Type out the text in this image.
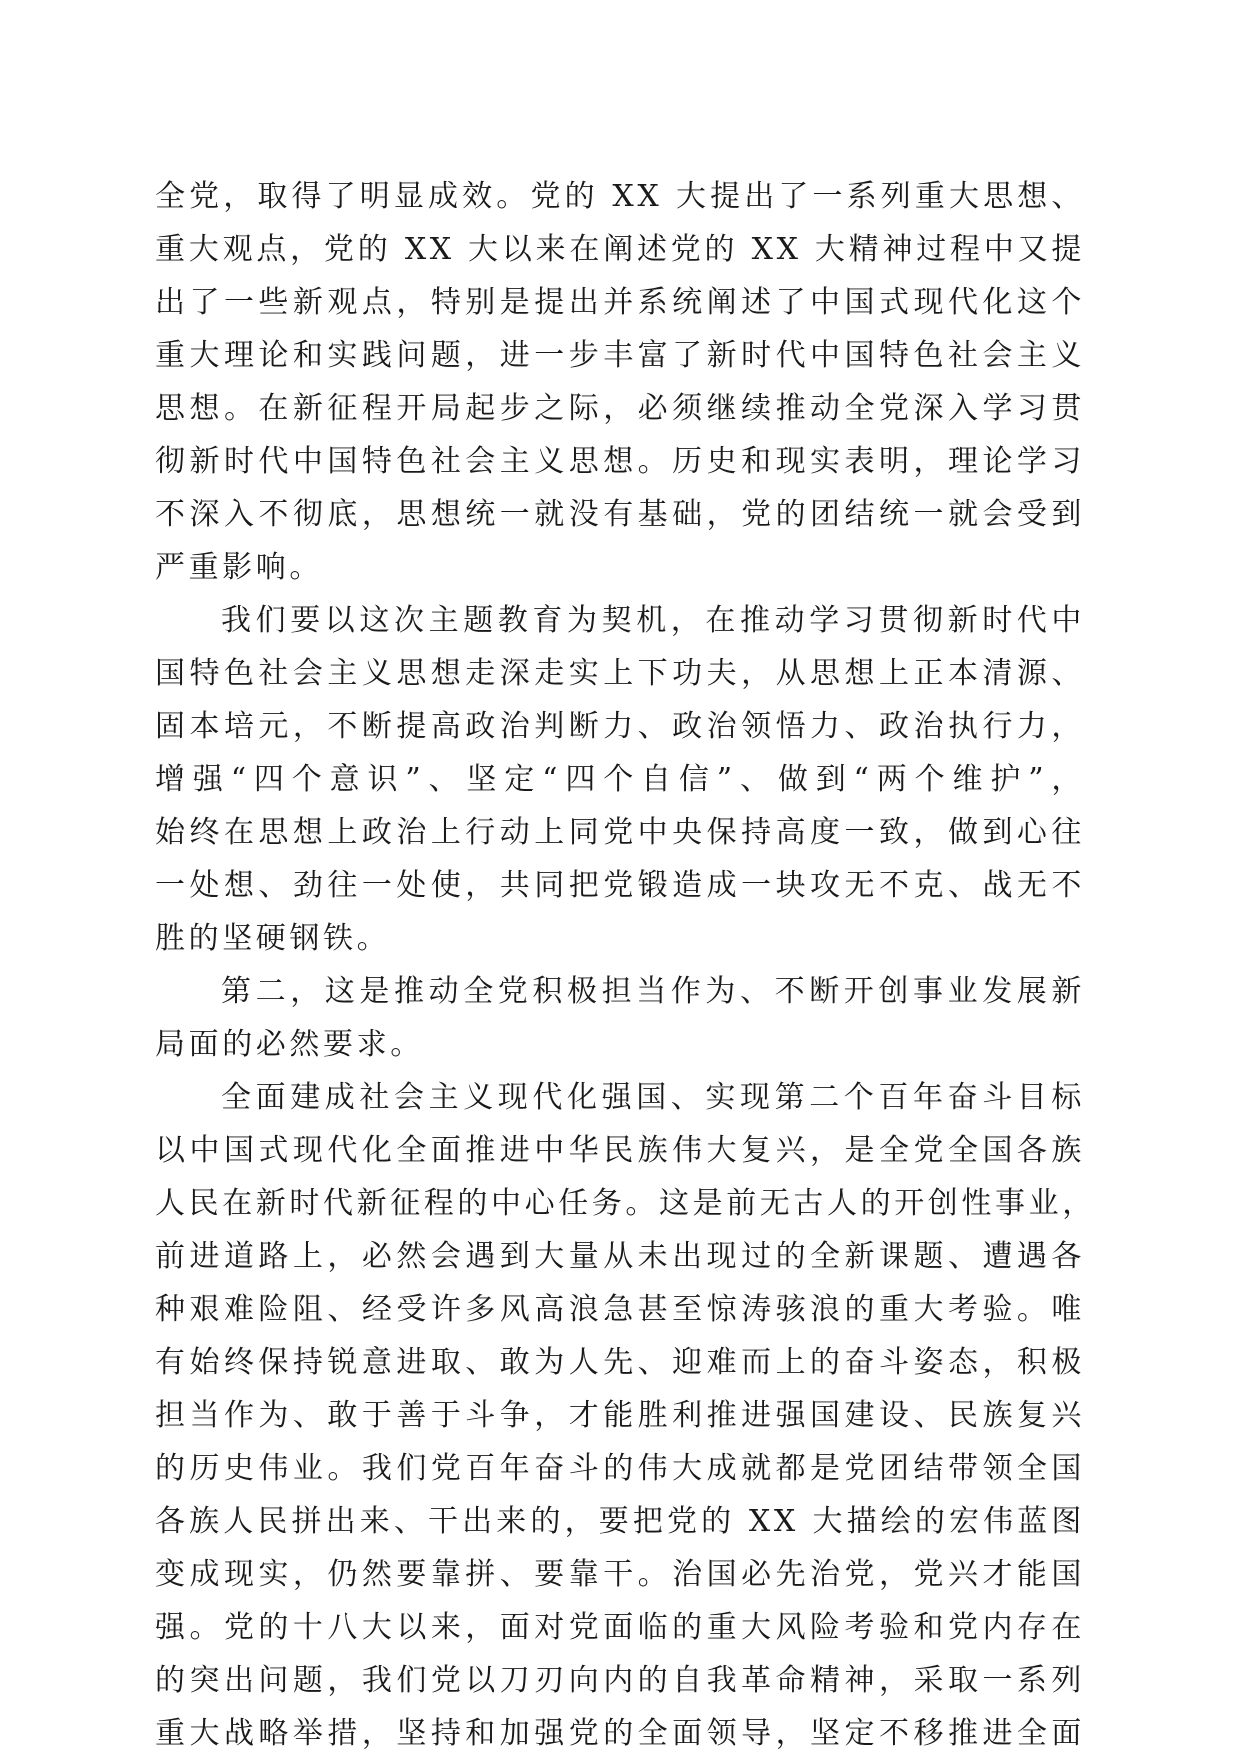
全党，取得了明显成效。党的 XX 大提出了一系列重大思想、
重大观点，党的 XX 大以来在阐述党的 XX 大精神过程中又提
出了一些新观点，特别是提出并系统阐述了中国式现代化这个
重大理论和实践问题，进一步丰富了新时代中国特色社会主义
思想。在新征程开局起步之际，必须继续推动全党深入学习贯
彻新时代中国特色社会主义思想。历史和现实表明，理论学习
不深入不彻底，思想统一就没有基础，党的团结统一就会受到
严重影响。
我们要以这次主题教育为契机，在推动学习贯彻新时代中
国特色社会主义思想走深走实上下功夫，从思想上正本清源、
固本培元，不断提高政治判断力、政治领悟力、政治执行力，
增强“四个意识”、坚定“四个自信”、做到“两个维护”，
始终在思想上政治上行动上同党中央保持高度一致，做到心往
一处想、劲往一处使，共同把党锻造成一块攻无不克、战无不
胜的坚硬钢铁。
第二，这是推动全党积极担当作为、不断开创事业发展新
局面的必然要求。
全面建成社会主义现代化强国、实现第二个百年奋斗目标
以中国式现代化全面推进中华民族伟大复兴，是全党全国各族
人民在新时代新征程的中心任务。这是前无古人的开创性事业，
前进道路上，必然会遇到大量从未出现过的全新课题、遭遇各
种艰难险阻、经受许多风高浪急甚至惊涛骇浪的重大考验。唯
有始终保持锐意进取、敢为人先、迎难而上的奋斗姿态，积极
担当作为、敢于善于斗争，才能胜利推进强国建设、民族复兴
的历史伟业。我们党百年奋斗的伟大成就都是党团结带领全国
各族人民拼出来、干出来的，要把党的 XX 大描绘的宏伟蓝图
变成现实，仍然要靠拼、要靠干。治国必先治党，党兴才能国
强。党的十八大以来，面对党面临的重大风险考验和党内存在
的突出问题，我们党以刀刃向内的自我革命精神，采取一系列
重大战略举措，坚持和加强党的全面领导，坚定不移推进全面
